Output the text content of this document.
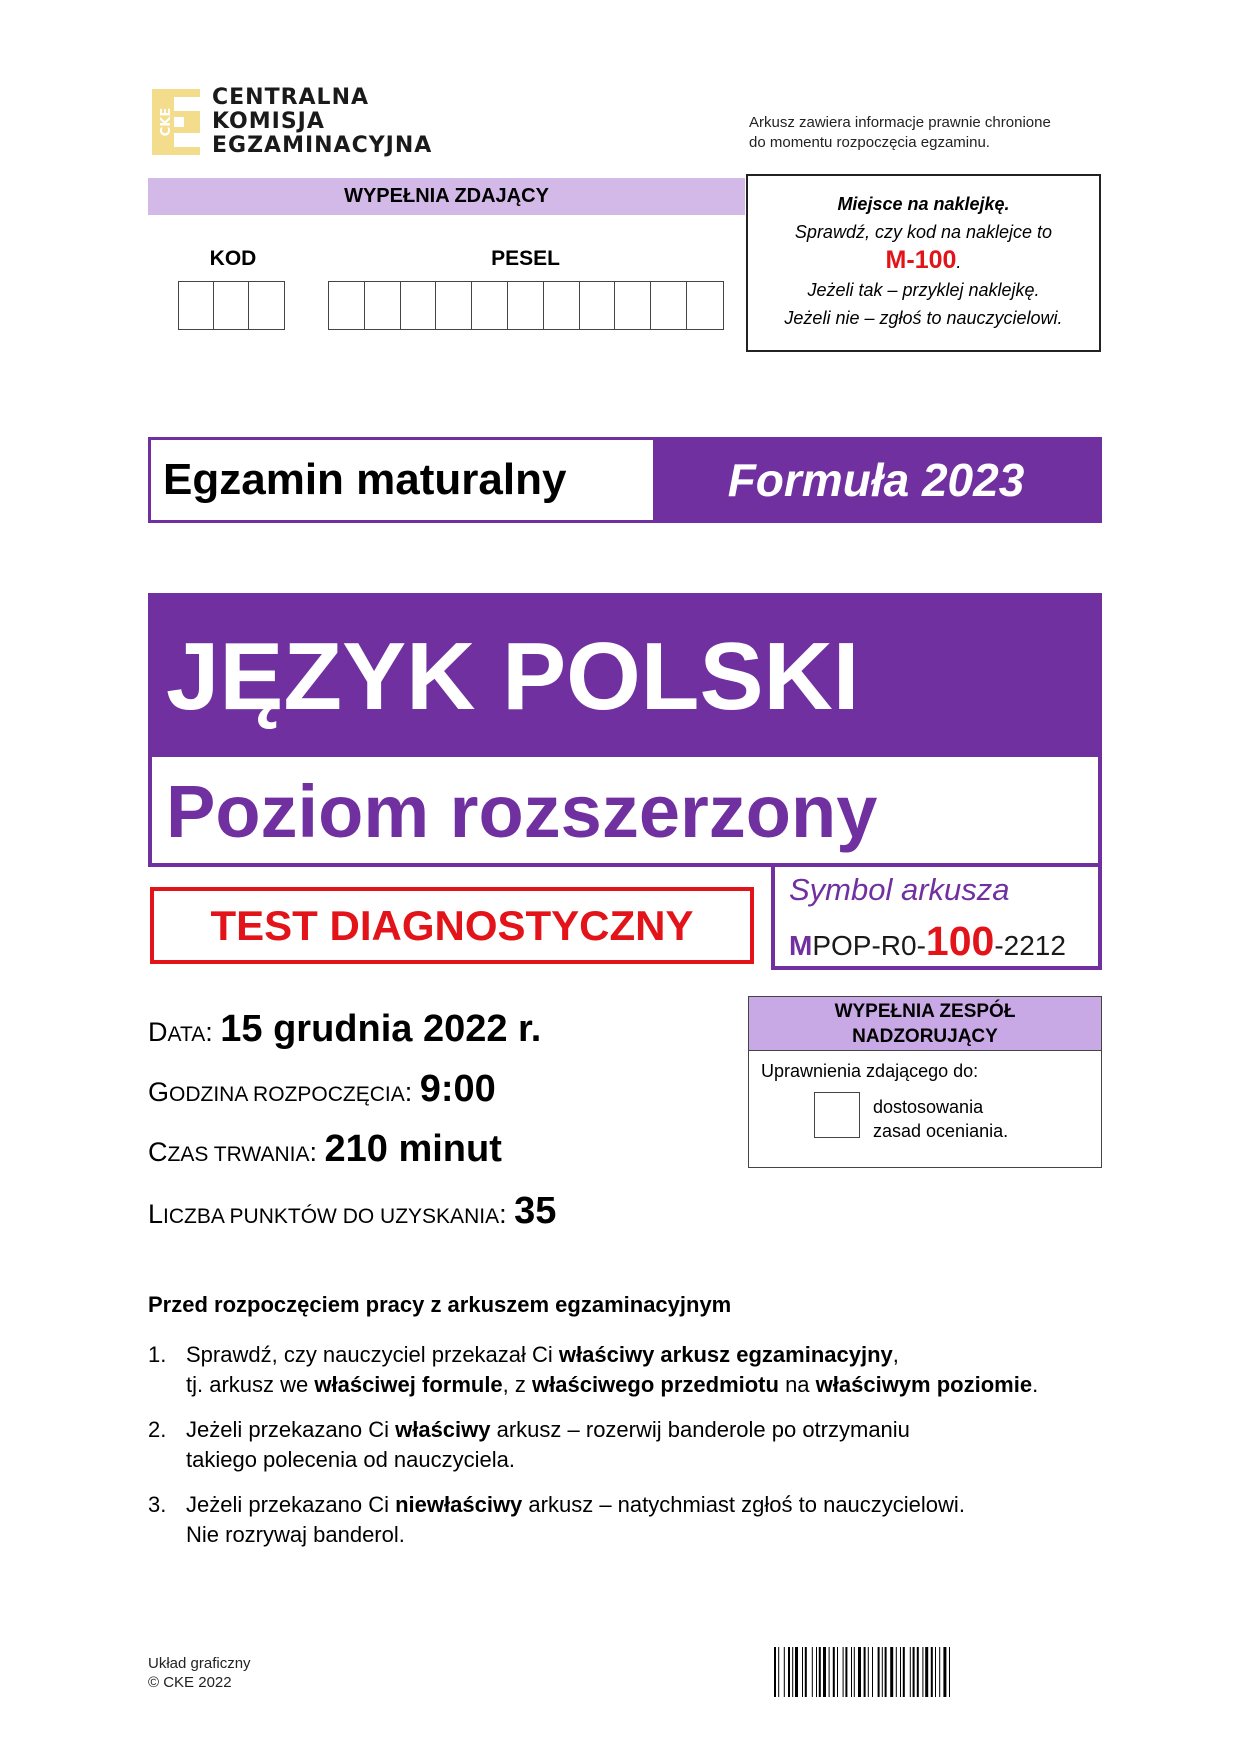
CKE
CENTRALNA
KOMISJA
EGZAMINACYJNA
Arkusz zawiera informacje prawnie chronione
do momentu rozpoczęcia egzaminu.
WYPEŁNIA ZDAJĄCY
KOD	PESEL
Miejsce na naklejkę.
Sprawdź, czy kod na naklejce to
M-100.
Jeżeli tak – przyklej naklejkę.
Jeżeli nie – zgłoś to nauczycielowi.
Egzamin maturalny	Formuła 2023
JĘZYK POLSKI
Poziom rozszerzony
TEST DIAGNOSTYCZNY
Symbol arkusza
MPOP-R0-100-2212
DATA: 15 grudnia 2022 r.
GODZINA ROZPOCZĘCIA: 9:00
CZAS TRWANIA: 210 minut
LICZBA PUNKTÓW DO UZYSKANIA: 35
WYPEŁNIA ZESPÓŁ
NADZORUJĄCY
Uprawnienia zdającego do:
dostosowania
zasad oceniania.
Przed rozpoczęciem pracy z arkuszem egzaminacyjnym
1. Sprawdź, czy nauczyciel przekazał Ci właściwy arkusz egzaminacyjny,
tj. arkusz we właściwej formule, z właściwego przedmiotu na właściwym poziomie.
2. Jeżeli przekazano Ci właściwy arkusz – rozerwij banderole po otrzymaniu
takiego polecenia od nauczyciela.
3. Jeżeli przekazano Ci niewłaściwy arkusz – natychmiast zgłoś to nauczycielowi.
Nie rozrywaj banderol.
Układ graficzny
© CKE 2022
